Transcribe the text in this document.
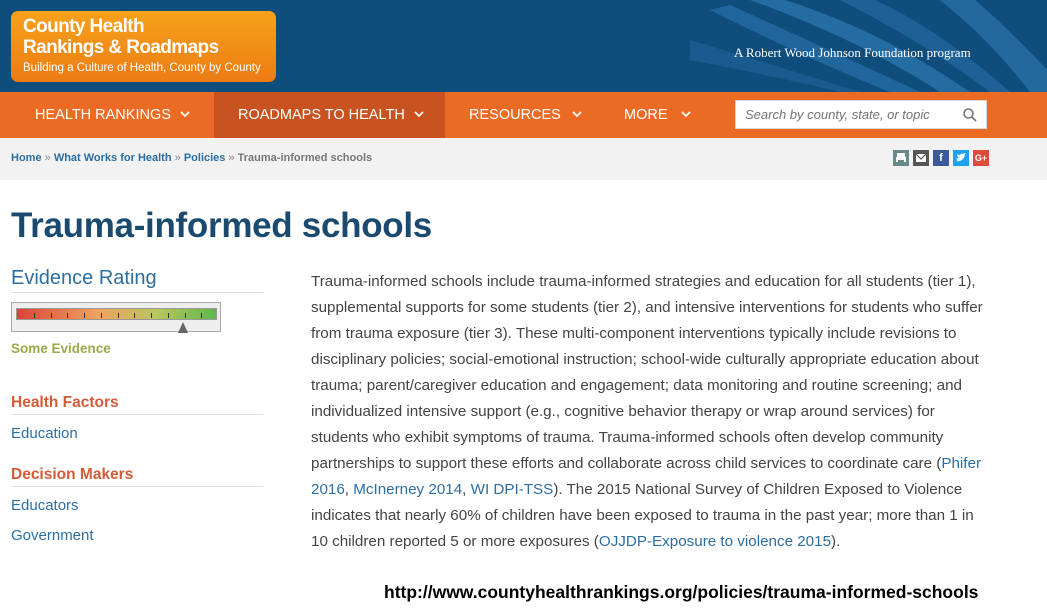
County Health
Rankings & Roadmaps
Building a Culture of Health, County by County
A Robert Wood Johnson Foundation program
HEALTH RANKINGS	ROADMAPS TO HEALTH	RESOURCES	MORE
Search by county, state, or topic
Home » What Works for Health » Policies » Trauma-informed schools	f	G+
Trauma-informed schools
Evidence Rating
Some Evidence
Health Factors
Education
Decision Makers
Educators
Government
Trauma-informed schools include trauma-informed strategies and education for all students (tier 1), supplemental supports for some students (tier 2), and intensive interventions for students who suffer from trauma exposure (tier 3). These multi-component interventions typically include revisions to disciplinary policies; social-emotional instruction; school-wide culturally appropriate education about trauma; parent/caregiver education and engagement; data monitoring and routine screening; and individualized intensive support (e.g., cognitive behavior therapy or wrap around services) for students who exhibit symptoms of trauma. Trauma-informed schools often develop community partnerships to support these efforts and collaborate across child services to coordinate care (Phifer 2016, McInerney 2014, WI DPI-TSS). The 2015 National Survey of Children Exposed to Violence indicates that nearly 60% of children have been exposed to trauma in the past year; more than 1 in 10 children reported 5 or more exposures (OJJDP-Exposure to violence 2015).
http://www.countyhealthrankings.org/policies/trauma-informed-schools
